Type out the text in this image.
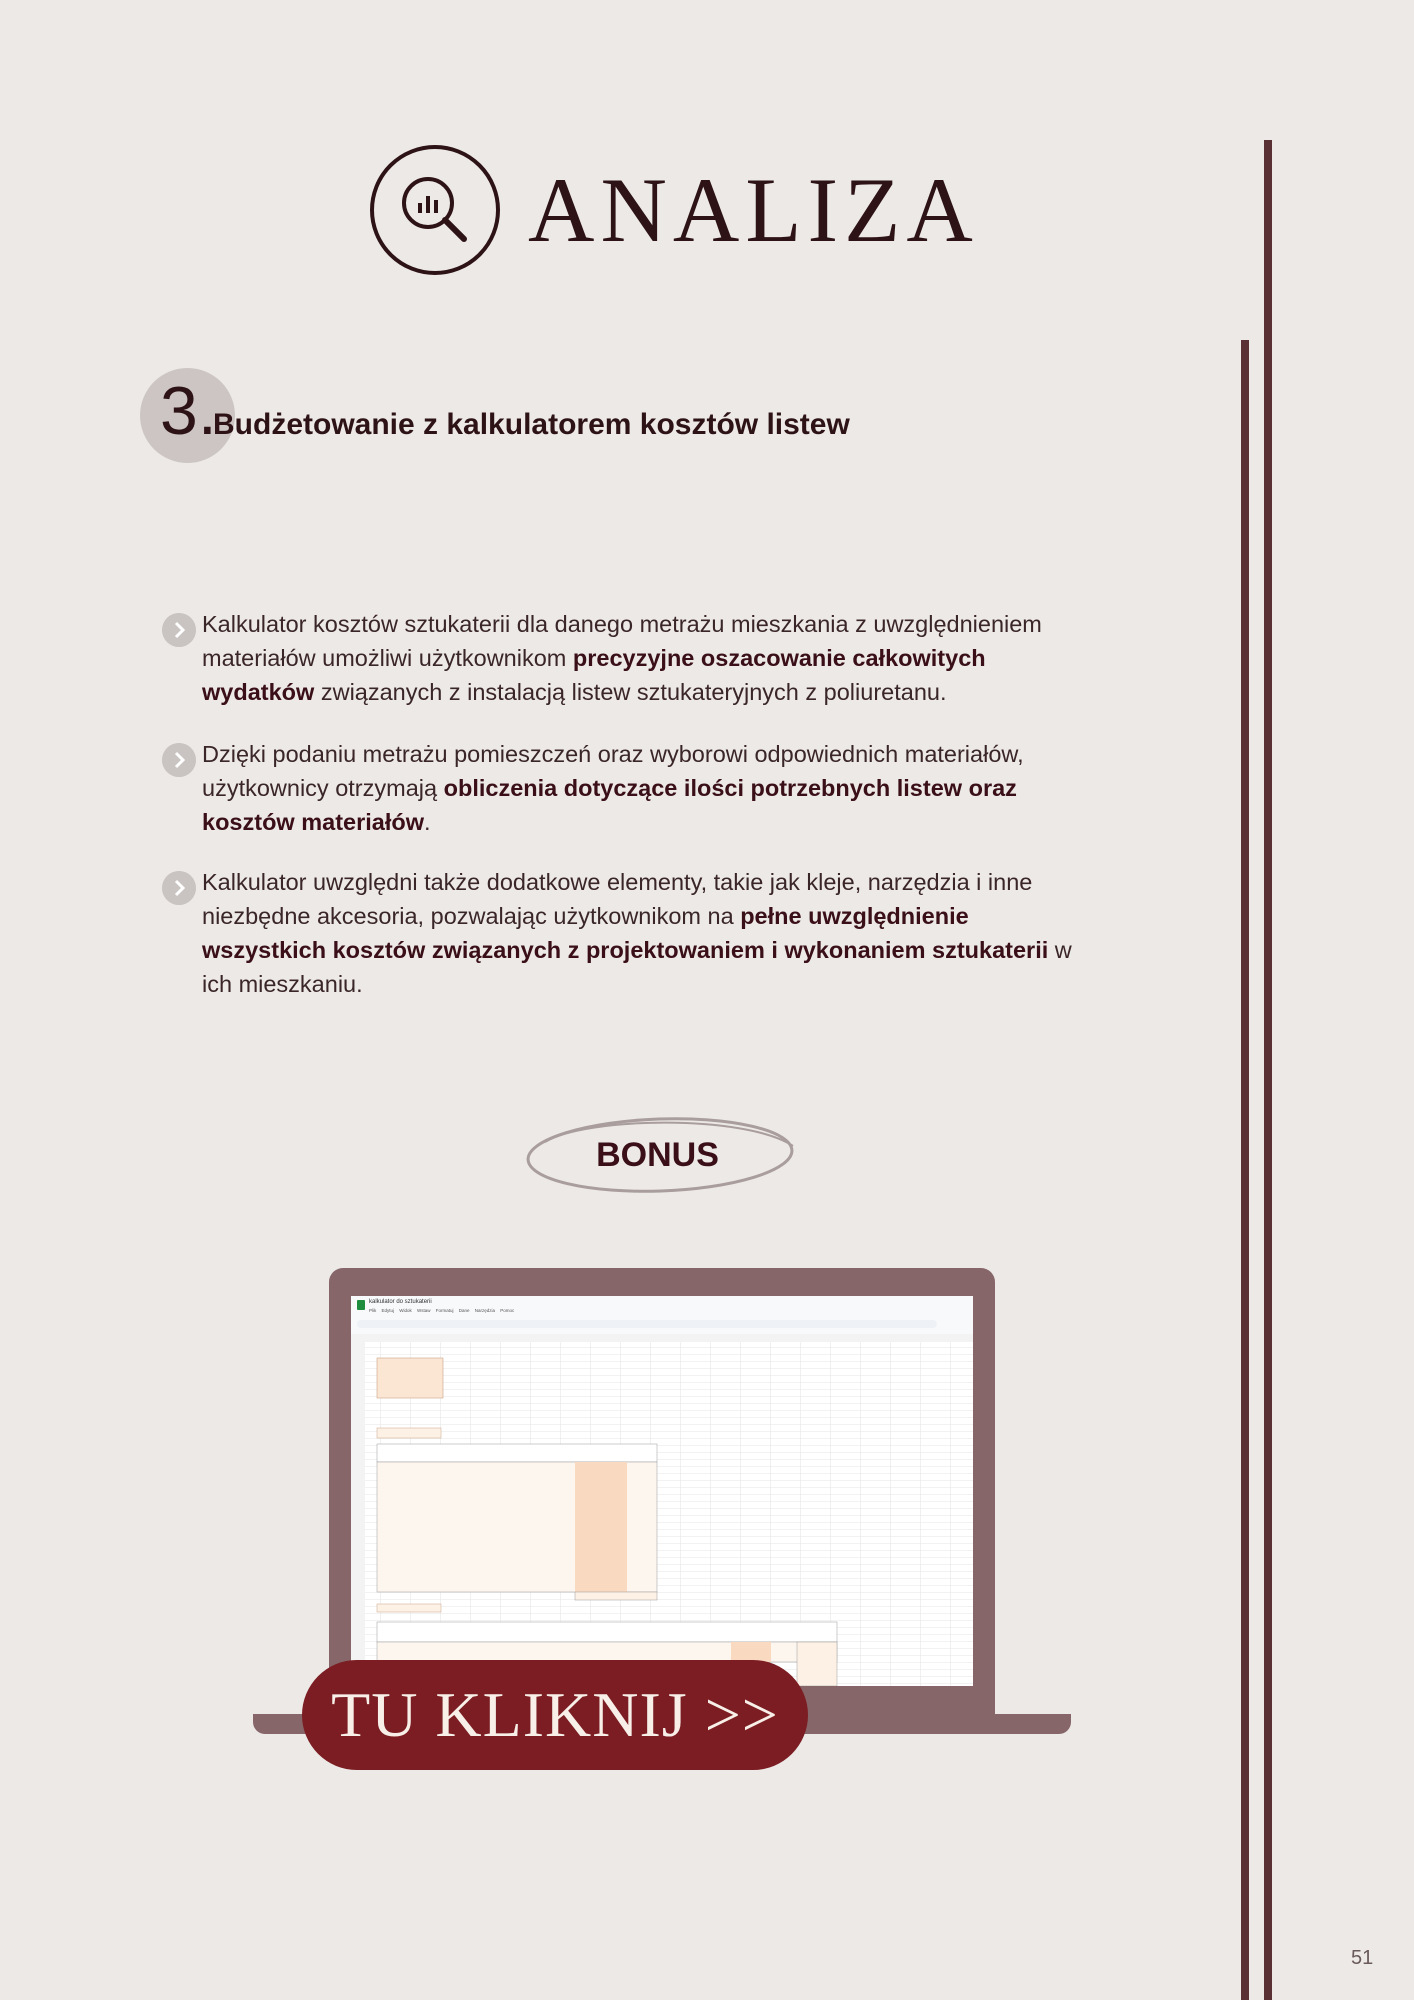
ANALIZA
3.
Budżetowanie z kalkulatorem kosztów listew
Kalkulator kosztów sztukaterii dla danego metrażu mieszkania z uwzględnieniem materiałów umożliwi użytkownikom precyzyjne oszacowanie całkowitych wydatków związanych z instalacją listew sztukateryjnych z poliuretanu.
Dzięki podaniu metrażu pomieszczeń oraz wyborowi odpowiednich materiałów, użytkownicy otrzymają obliczenia dotyczące ilości potrzebnych listew oraz kosztów materiałów.
Kalkulator uwzględni także dodatkowe elementy, takie jak kleje, narzędzia i inne niezbędne akcesoria, pozwalając użytkownikom na pełne uwzględnienie wszystkich kosztów związanych z projektowaniem i wykonaniem sztukaterii w ich mieszkaniu.
BONUS
kalkulator do sztukaterii
Plik Edytuj Widok Wstaw Formatuj Dane Narzędzia Pomoc
TU KLIKNIJ >>
51
